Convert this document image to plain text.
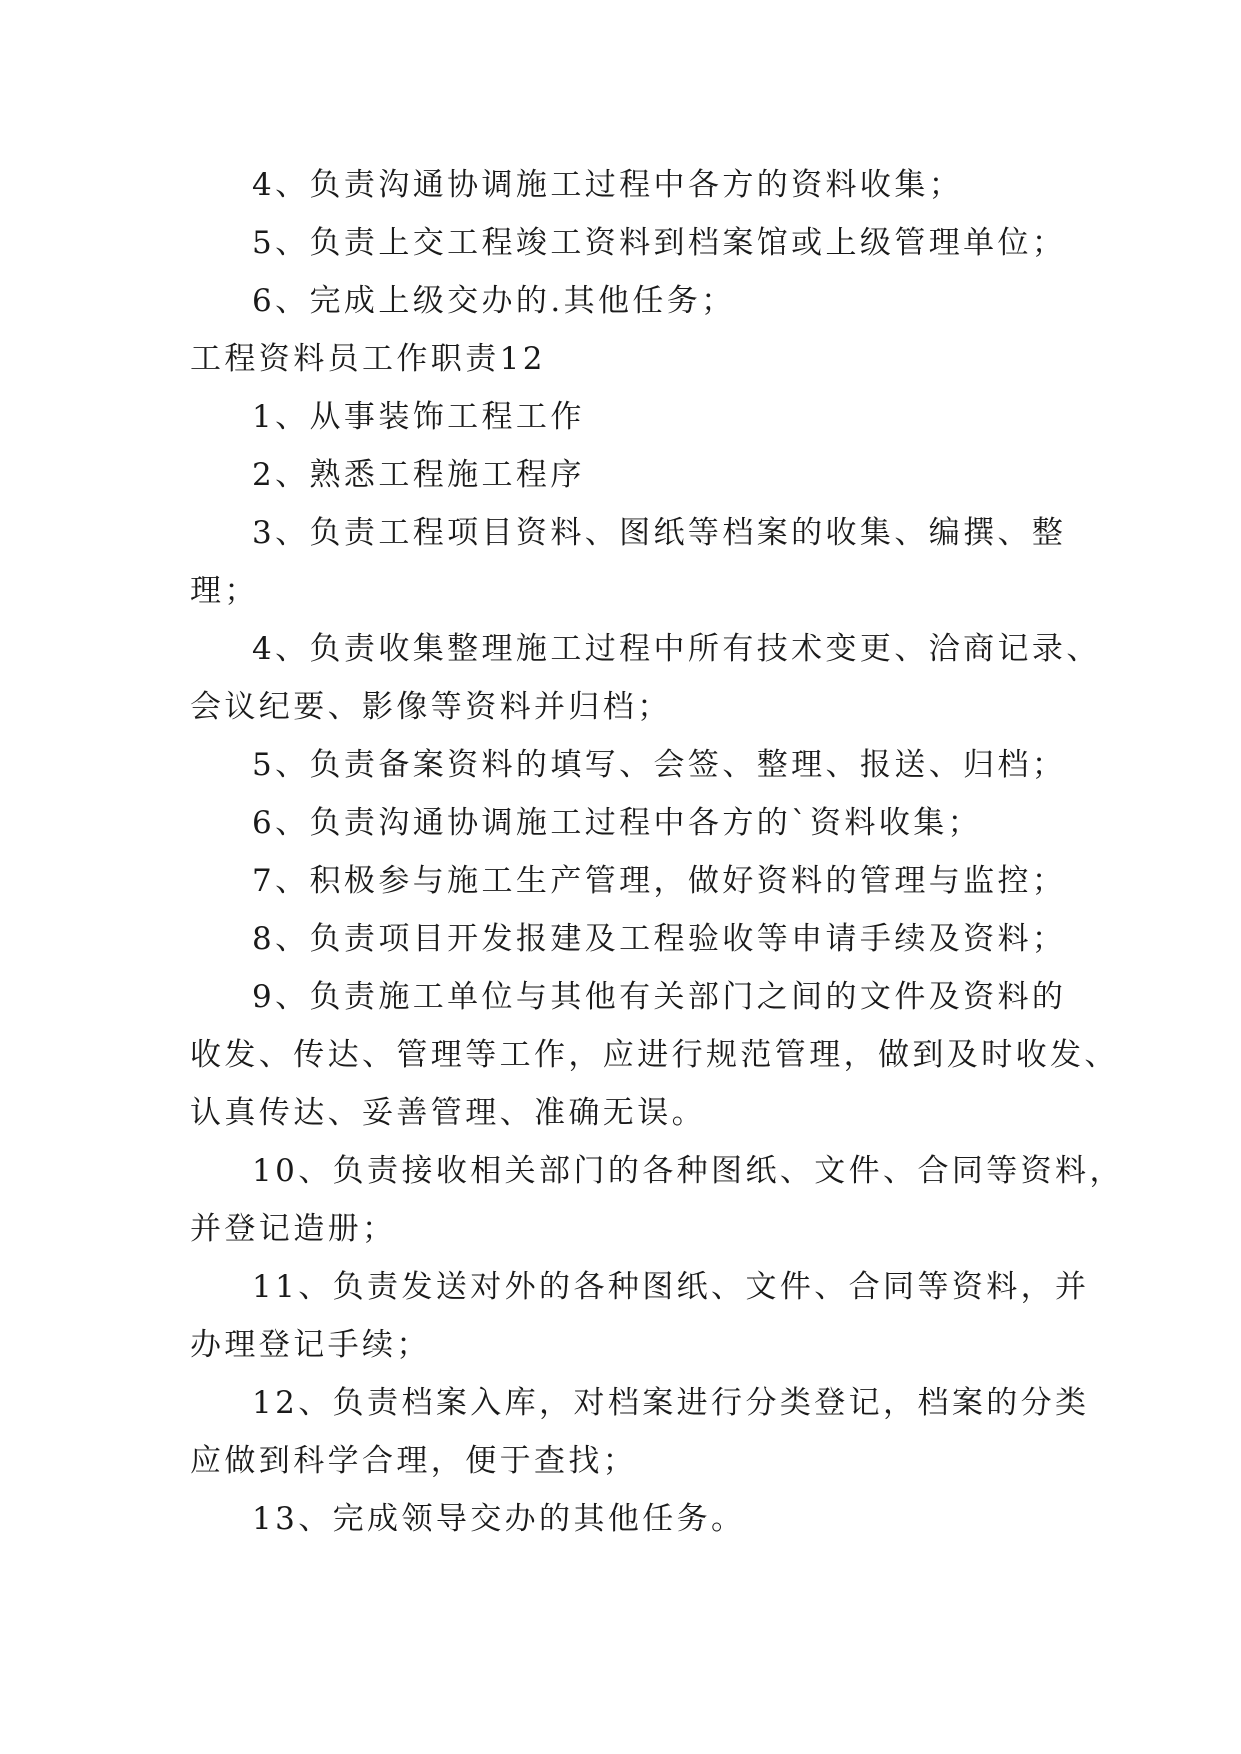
4、负责沟通协调施工过程中各方的资料收集；
5、负责上交工程竣工资料到档案馆或上级管理单位；
6、完成上级交办的.其他任务；
工程资料员工作职责12
1、从事装饰工程工作
2、熟悉工程施工程序
3、负责工程项目资料、图纸等档案的收集、编撰、整
理；
4、负责收集整理施工过程中所有技术变更、洽商记录、
会议纪要、影像等资料并归档；
5、负责备案资料的填写、会签、整理、报送、归档；
6、负责沟通协调施工过程中各方的`资料收集；
7、积极参与施工生产管理，做好资料的管理与监控；
8、负责项目开发报建及工程验收等申请手续及资料；
9、负责施工单位与其他有关部门之间的文件及资料的
收发、传达、管理等工作，应进行规范管理，做到及时收发、
认真传达、妥善管理、准确无误。
10、负责接收相关部门的各种图纸、文件、合同等资料，
并登记造册；
11、负责发送对外的各种图纸、文件、合同等资料，并
办理登记手续；
12、负责档案入库，对档案进行分类登记，档案的分类
应做到科学合理，便于查找；
13、完成领导交办的其他任务。
